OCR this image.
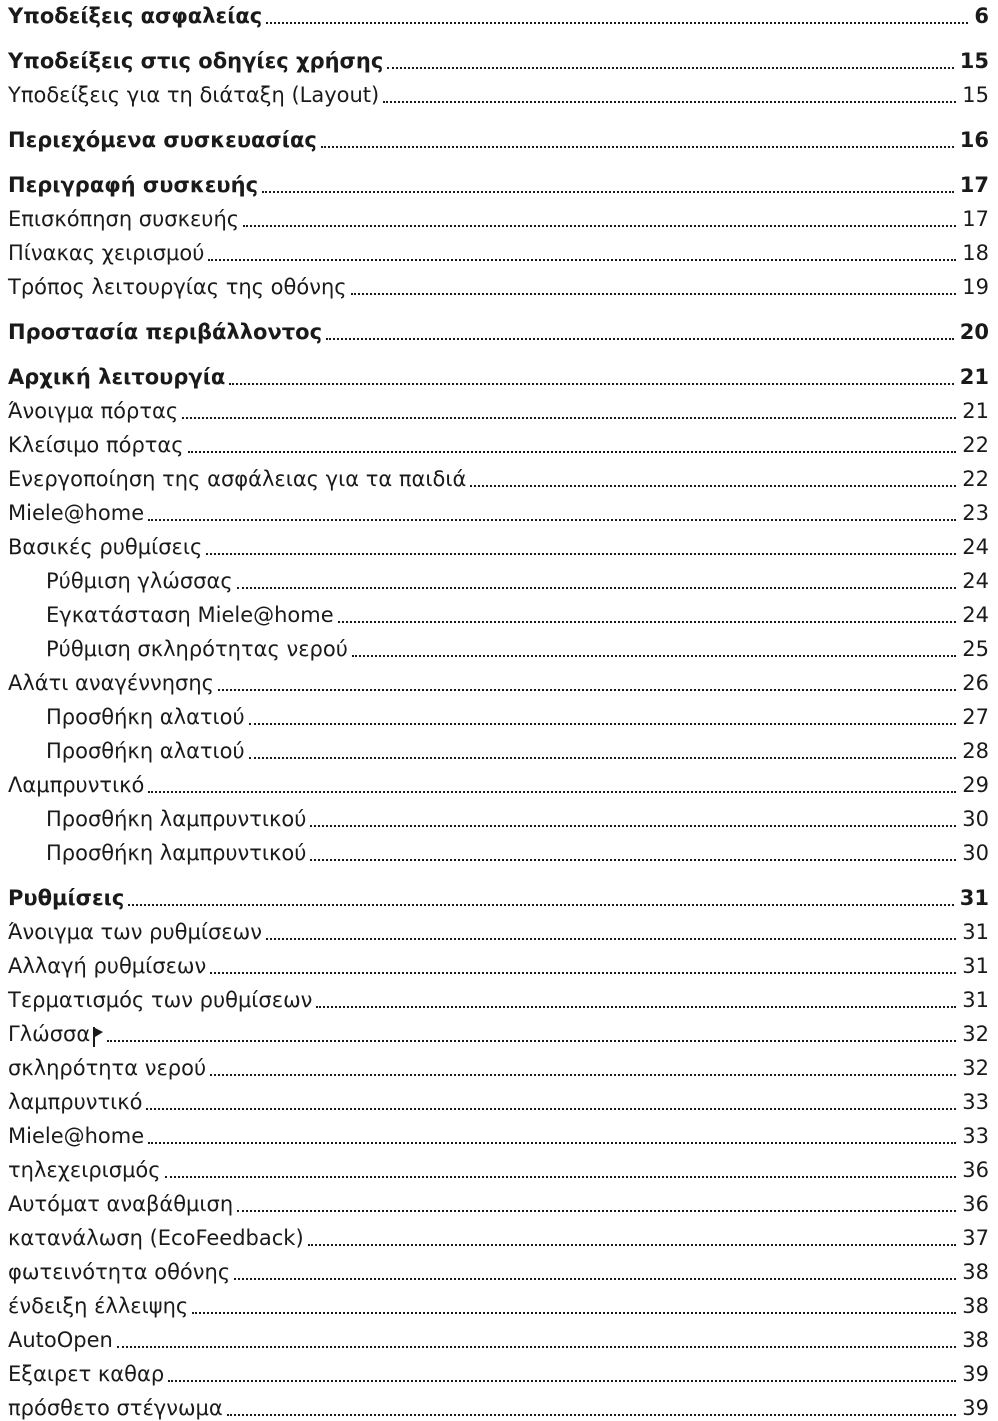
Υποδείξεις ασφαλείας	6
Υποδείξεις στις οδηγίες χρήσης	15
Υποδείξεις για τη διάταξη (Layout)	15
Περιεχόμενα συσκευασίας	16
Περιγραφή συσκευής	17
Επισκόπηση συσκευής	17
Πίνακας χειρισμού	18
Τρόπος λειτουργίας της οθόνης	19
Προστασία περιβάλλοντος	20
Αρχική λειτουργία	21
Άνοιγμα πόρτας	21
Κλείσιμο πόρτας	22
Ενεργοποίηση της ασφάλειας για τα παιδιά	22
Miele@home	23
Βασικές ρυθμίσεις	24
Ρύθμιση γλώσσας	24
Εγκατάσταση Miele@home	24
Ρύθμιση σκληρότητας νερού	25
Αλάτι αναγέννησης	26
Προσθήκη αλατιού	27
Προσθήκη αλατιού	28
Λαμπρυντικό	29
Προσθήκη λαμπρυντικού	30
Προσθήκη λαμπρυντικού	30
Ρυθμίσεις	31
Άνοιγμα των ρυθμίσεων	31
Αλλαγή ρυθμίσεων	31
Τερματισμός των ρυθμίσεων	31
Γλώσσα	32
σκληρότητα νερού	32
λαμπρυντικό	33
Miele@home	33
τηλεχειρισμός	36
Αυτόματ αναβάθμιση	36
κατανάλωση (EcoFeedback)	37
φωτεινότητα οθόνης	38
ένδειξη έλλειψης	38
AutoOpen	38
Εξαιρετ καθαρ	39
πρόσθετο στέγνωμα	39
